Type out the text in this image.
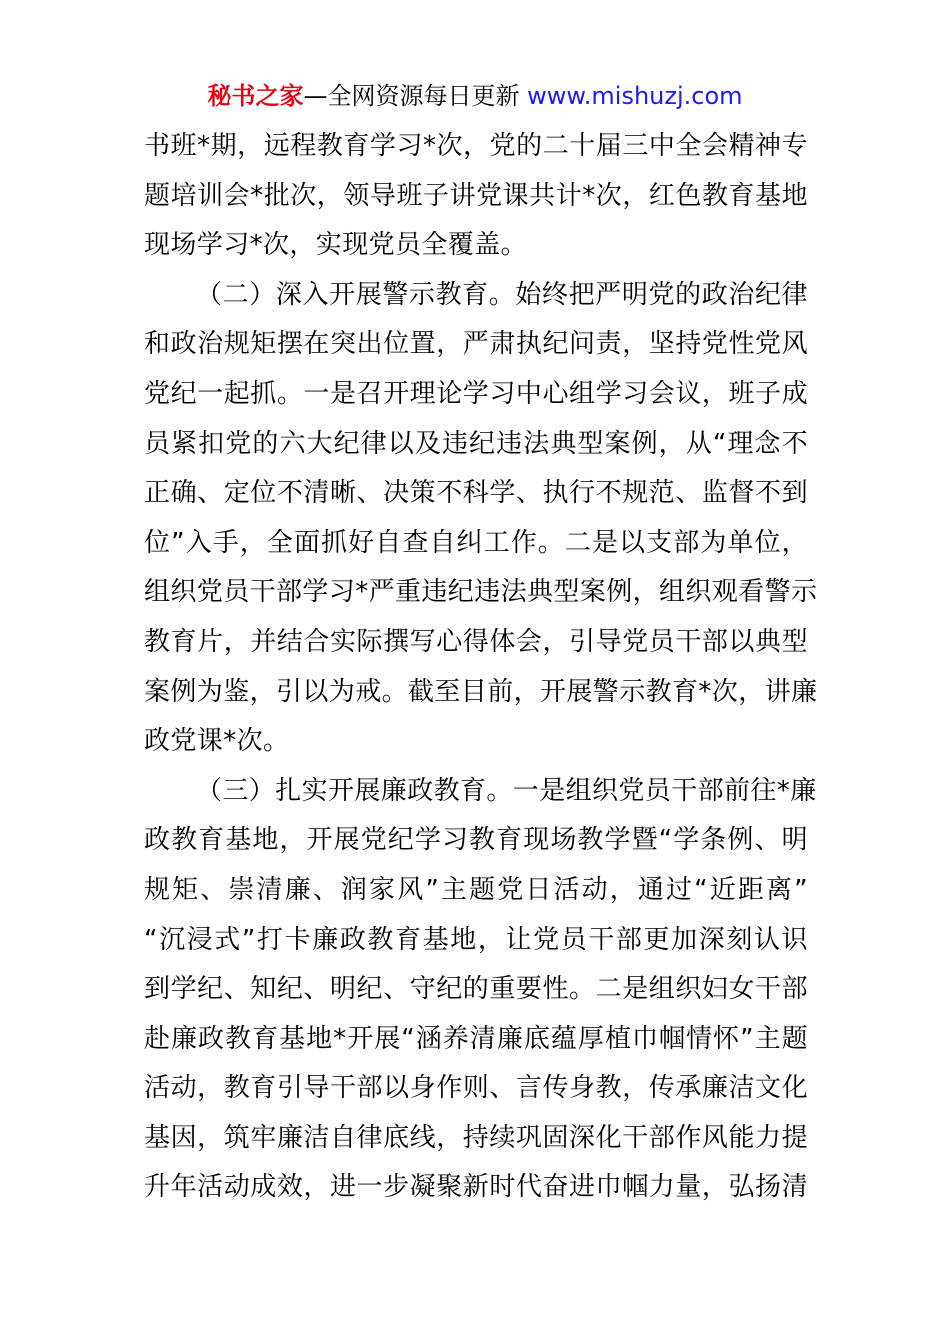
秘书之家—全网资源每日更新 www.mishuzj.com
书班*期，远程教育学习*次，党的二十届三中全会精神专
题培训会*批次，领导班子讲党课共计*次，红色教育基地
现场学习*次，实现党员全覆盖。
（二）深入开展警示教育。始终把严明党的政治纪律
和政治规矩摆在突出位置，严肃执纪问责，坚持党性党风
党纪一起抓。一是召开理论学习中心组学习会议，班子成
员紧扣党的六大纪律以及违纪违法典型案例，从“理念不
正确、定位不清晰、决策不科学、执行不规范、监督不到
位”入手，全面抓好自查自纠工作。二是以支部为单位，
组织党员干部学习*严重违纪违法典型案例，组织观看警示
教育片，并结合实际撰写心得体会，引导党员干部以典型
案例为鉴，引以为戒。截至目前，开展警示教育*次，讲廉
政党课*次。
（三）扎实开展廉政教育。一是组织党员干部前往*廉
政教育基地，开展党纪学习教育现场教学暨“学条例、明
规矩、崇清廉、润家风”主题党日活动，通过“近距离”
“沉浸式”打卡廉政教育基地，让党员干部更加深刻认识
到学纪、知纪、明纪、守纪的重要性。二是组织妇女干部
赴廉政教育基地*开展“涵养清廉底蕴厚植巾帼情怀”主题
活动，教育引导干部以身作则、言传身教，传承廉洁文化
基因，筑牢廉洁自律底线，持续巩固深化干部作风能力提
升年活动成效，进一步凝聚新时代奋进巾帼力量，弘扬清
